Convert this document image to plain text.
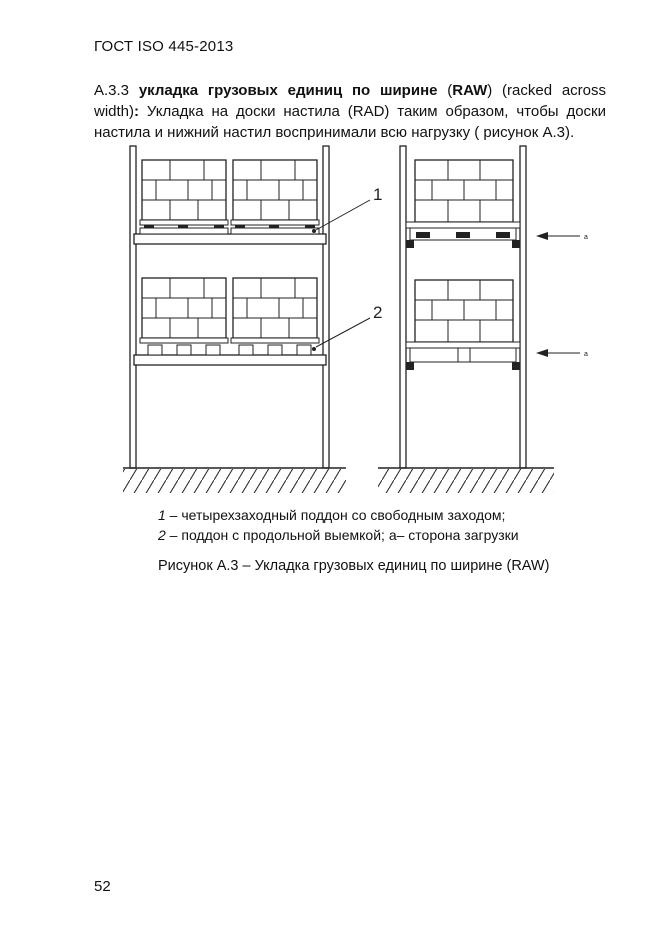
ГОСТ ISO 445-2013
А.3.3 укладка грузовых единиц по ширине (RAW) (racked across width): Укладка на доски настила (RAD) таким образом, чтобы доски настила и нижний настил воспринимали всю нагрузку ( рисунок А.3).
1
2
а
а
1 – четырехзаходный поддон со свободным заходом;
2 – поддон с продольной выемкой; а– сторона загрузки
Рисунок А.3 – Укладка грузовых единиц по ширине (RAW)
52
